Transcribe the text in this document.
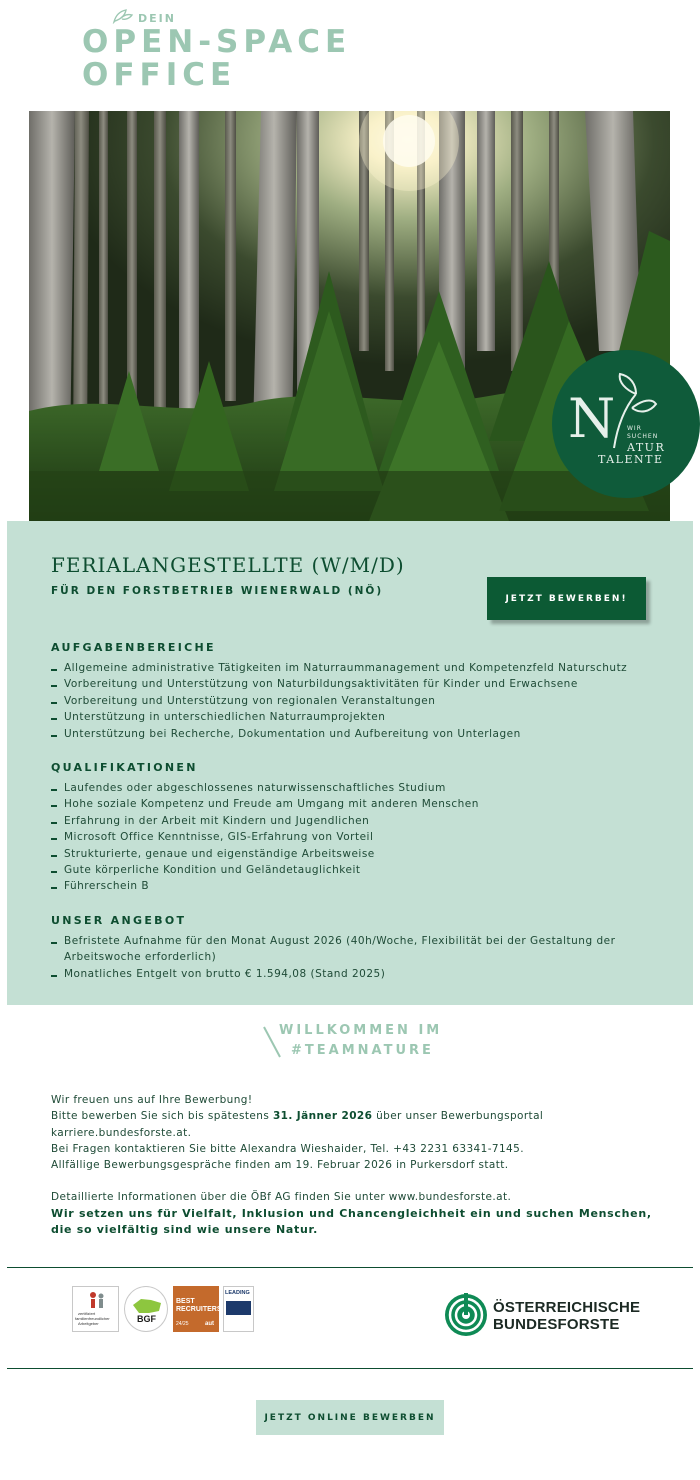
DEIN
OPEN-SPACE
OFFICE
N WIR
SUCHEN
ATUR
TALENTE
FERIALANGESTELLTE (W/M/D)
FÜR DEN FORSTBETRIEB WIENERWALD (NÖ)
JETZT BEWERBEN!
AUFGABENBEREICHE
Allgemeine administrative Tätigkeiten im Naturraummanagement und Kompetenzfeld Naturschutz
Vorbereitung und Unterstützung von Naturbildungsaktivitäten für Kinder und Erwachsene
Vorbereitung und Unterstützung von regionalen Veranstaltungen
Unterstützung in unterschiedlichen Naturraumprojekten
Unterstützung bei Recherche, Dokumentation und Aufbereitung von Unterlagen
QUALIFIKATIONEN
Laufendes oder abgeschlossenes naturwissenschaftliches Studium
Hohe soziale Kompetenz und Freude am Umgang mit anderen Menschen
Erfahrung in der Arbeit mit Kindern und Jugendlichen
Microsoft Office Kenntnisse, GIS-Erfahrung von Vorteil
Strukturierte, genaue und eigenständige Arbeitsweise
Gute körperliche Kondition und Geländetauglichkeit
Führerschein B
UNSER ANGEBOT
Befristete Aufnahme für den Monat August 2026 (40h/Woche, Flexibilität bei der Gestaltung der Arbeitswoche erforderlich)
Monatliches Entgelt von brutto € 1.594,08 (Stand 2025)
WILLKOMMEN IM
#TEAMNATURE

Wir freuen uns auf Ihre Bewerbung!

Bitte bewerben Sie sich bis spätestens 31. Jänner 2026 über unser Bewerbungsportal

karriere.bundesforste.at.

Bei Fragen kontaktieren Sie bitte Alexandra Wieshaider, Tel. +43 2231 63341-7145.

Allfällige Bewerbungsgespräche finden am 19. Februar 2026 in Purkersdorf statt.

Detaillierte Informationen über die ÖBf AG finden Sie unter www.bundesforste.at.

Wir setzen uns für Vielfalt, Inklusion und Chancengleichheit ein und suchen Menschen, die so vielfältig sind wie unsere Natur.

zertifiziert
familienfreundlicher
Arbeitgeber	BGF
BEST
RECRUITERS
24/25	aut
LEADING
ÖSTERREICHISCHE
BUNDESFORSTE
JETZT ONLINE BEWERBEN
